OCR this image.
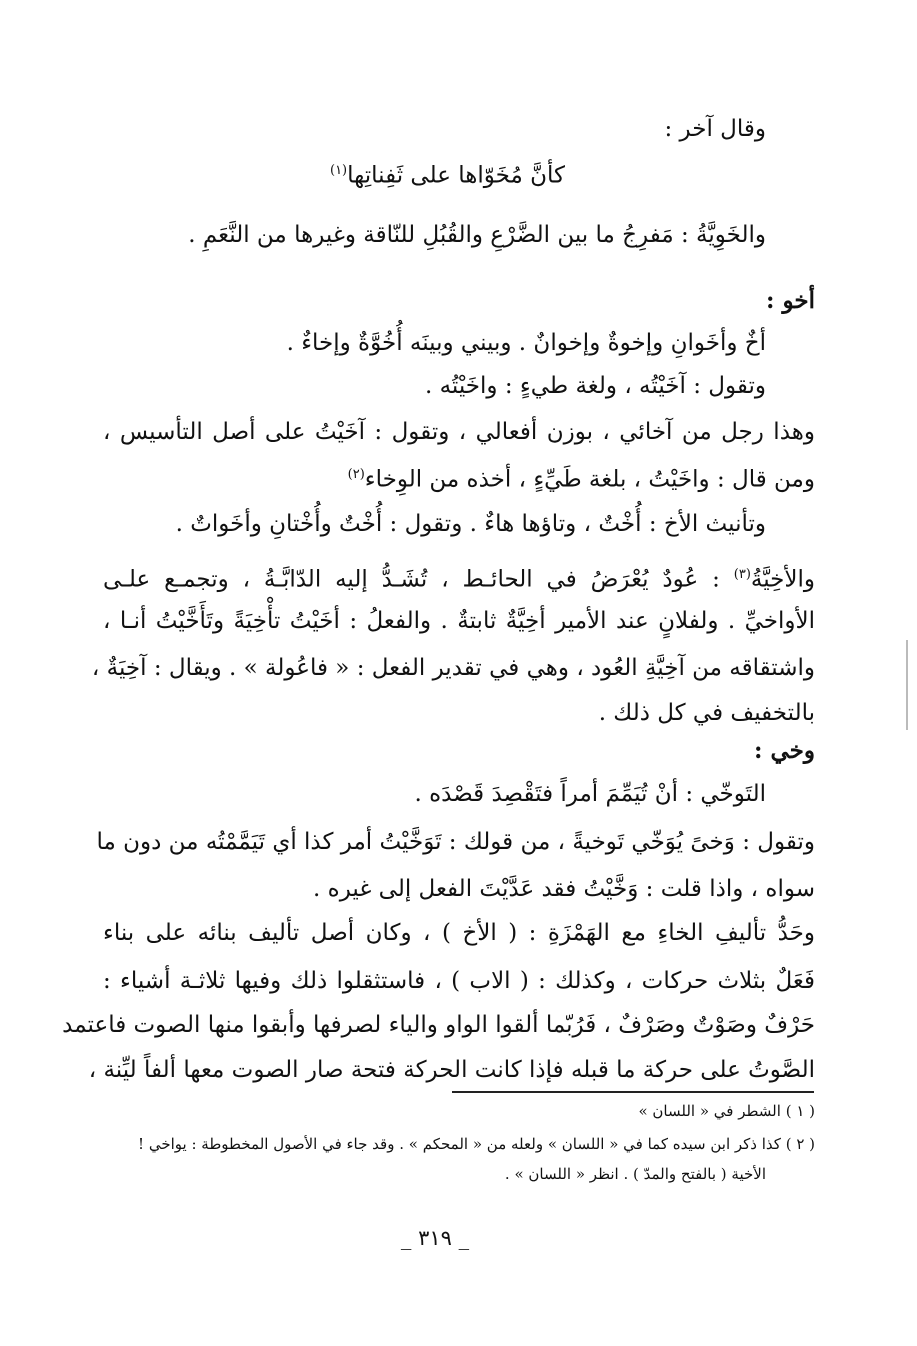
وقال آخر :
كأنَّ مُخَوّاها على ثَفِناتِها$^{(١)}$
والخَوِيَّةُ : مَفرِجُ ما بين الضَّرْعِ والقُبُلِ للنّاقة وغيرها من النَّعَمِ .
أخو :
أخٌ وأخَوانِ وإخوةٌ وإخوانٌ . وبيني وبينَه أُخُوَّةٌ وإخاءٌ .
وتقول : آخَيْتُه ، ولغة طيءٍ : واخَيْتُه .
وهذا رجل من آخائي ، بوزن أفعالي ، وتقول : آخَيْتُ على أصل التأسيس ،
ومن قال : واخَيْتُ ، بلغة طَيِّءٍ ، أخذه من الوِخاء$^{(٢)}$
وتأنيث الأخ : أُخْتٌ ، وتاؤها هاءٌ . وتقول : أُخْتٌ وأُخْتانِ وأخَواتٌ .
والأخِيَّةُ$^{(٣)}$ : عُودٌ يُعْرَضُ في الحائـط ، تُشَـدُّ إليه الدّابَّـةُ ، وتجمـع علـى
الأواخيِّ . ولفلانٍ عند الأمير أخِيَّةٌ ثابتةٌ . والفعلُ : أخَيْتُ تأْخِيَةً وتَأَخَّيْتُ أنـا ،
واشتقاقه من آخِيَّةِ العُود ، وهي في تقدير الفعل : « فاعُولة » . ويقال : آخِيَةٌ ،
بالتخفيف في كل ذلك .
وخي :
التَوخّي : أنْ تُيَمِّمَ أمراً فتَقْصِدَ قَصْدَه .
وتقول : وَخىً يُوَخّي تَوخيةً ، من قولك : تَوَخَّيْتُ أمر كذا أي تَيَمَّمْتُه من دون ما
سواه ، واذا قلت : وَخَّيْتُ فقد عَدَّيْتَ الفعل إلى غيره .
وحَدُّ تأليفِ الخاءِ مع الهَمْزَةِ : ( الأخ ) ، وكان أصل تأليف بنائه على بناء
فَعَلٌ بثلاث حركات ، وكذلك : ( الاب ) ، فاستثقلوا ذلك وفيها ثلاثـة أشياء :
حَرْفٌ وصَوْتٌ وصَرْفٌ ، فَرُبّما ألقوا الواو والياء لصرفها وأبقوا منها الصوت فاعتمد
الصَّوتُ على حركة ما قبله فإذا كانت الحركة فتحة صار الصوت معها ألفاً ليِّنة ،
( ١ ) الشطر في « اللسان »
( ٢ ) كذا ذكر ابن سيده كما في « اللسان » ولعله من « المحكم » . وقد جاء في الأصول المخطوطة : يواخي !
الأخية ( بالفتح والمدّ ) . انظر « اللسان » .
_ ٣١٩ _
